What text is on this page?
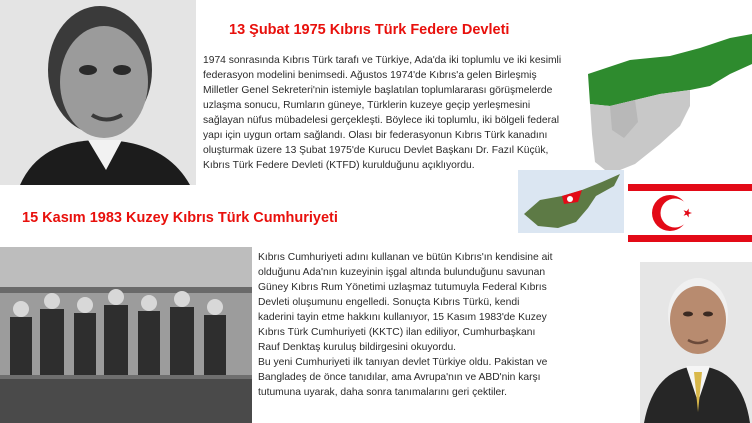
13 Şubat 1975 Kıbrıs Türk Federe Devleti
1974 sonrasında Kıbrıs Türk tarafı ve Türkiye, Ada'da iki toplumlu ve iki kesimli
federasyon modelini benimsedi. Ağustos 1974'de Kıbrıs'a gelen Birleşmiş
Milletler Genel Sekreteri'nin istemiyle başlatılan toplumlararası görüşmelerde
uzlaşma sonucu, Rumların güneye, Türklerin kuzeye geçip yerleşmesini
sağlayan nüfus mübadelesi gerçekleşti. Böylece iki toplumlu, iki bölgeli federal
yapı için uygun ortam sağlandı. Olası bir federasyonun Kıbrıs Türk kanadını
oluşturmak üzere 13 Şubat 1975'de Kurucu Devlet Başkanı Dr. Fazıl Küçük,
Kıbrıs Türk Federe Devleti (KTFD) kurulduğunu açıklıyordu.
15 Kasım 1983 Kuzey Kıbrıs Türk Cumhuriyeti
Kıbrıs Cumhuriyeti adını kullanan ve bütün Kıbrıs'ın kendisine ait
olduğunu Ada'nın kuzeyinin işgal altında bulunduğunu savunan
Güney Kıbrıs Rum Yönetimi uzlaşmaz tutumuyla Federal Kıbrıs
Devleti oluşumunu engelledi. Sonuçta Kıbrıs Türkü, kendi
kaderini tayin etme hakkını kullanıyor, 15 Kasım 1983'de Kuzey
Kıbrıs Türk Cumhuriyeti (KKTC) ilan ediliyor, Cumhurbaşkanı
Rauf Denktaş kuruluş bildirgesini okuyordu.
Bu yeni Cumhuriyeti ilk tanıyan devlet Türkiye oldu. Pakistan ve
Bangladeş de önce tanıdılar, ama Avrupa'nın ve ABD'nin karşı
tutumuna uyarak, daha sonra tanımalarını geri çektiler.
